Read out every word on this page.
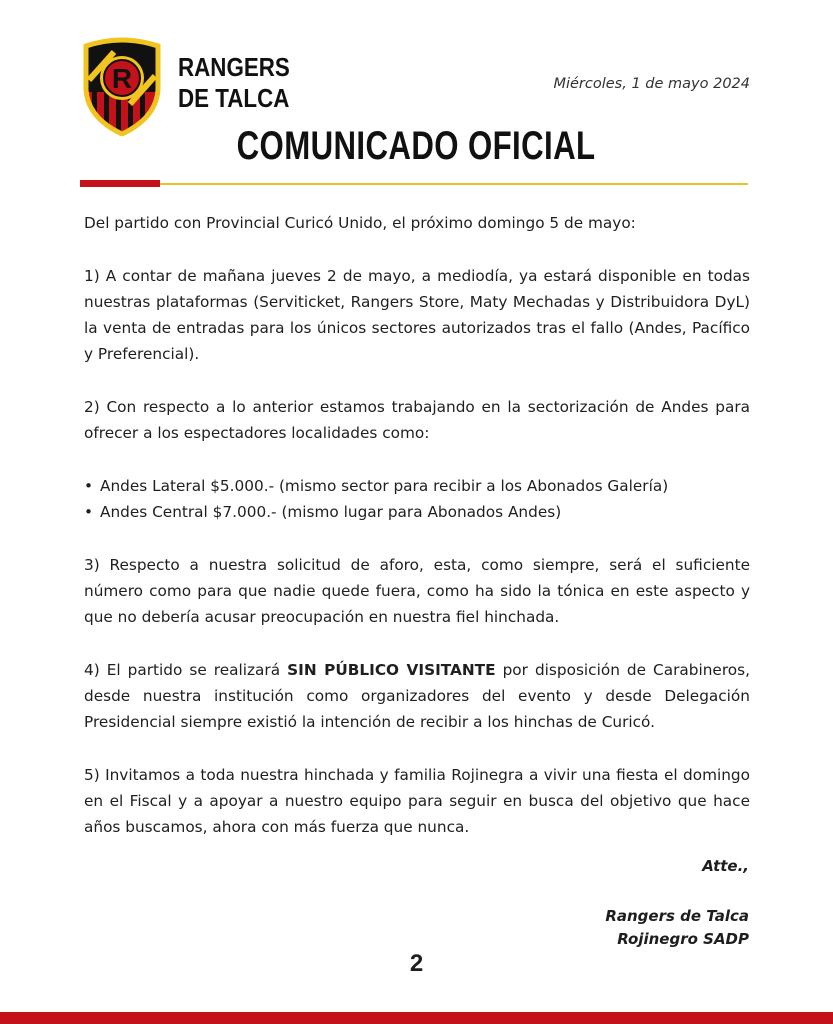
R RANGERS
DE TALCA	Miércoles, 1 de mayo 2024
COMUNICADO OFICIAL

Del partido con Provincial Curicó Unido, el próximo domingo 5 de mayo:

1) A contar de mañana jueves 2 de mayo, a mediodía, ya estará disponible en todas nuestras plataformas (Serviticket, Rangers Store, Maty Mechadas y Distribuidora DyL) la venta de entradas para los únicos sectores autorizados tras el fallo (Andes, Pacífico y Preferencial).

2) Con respecto a lo anterior estamos trabajando en la sectorización de Andes para ofrecer a los espectadores localidades como:

• Andes Lateral $5.000.- (mismo sector para recibir a los Abonados Galería)
• Andes Central $7.000.- (mismo lugar para Abonados Andes)

3) Respecto a nuestra solicitud de aforo, esta, como siempre, será el suficiente número como para que nadie quede fuera, como ha sido la tónica en este aspecto y que no debería acusar preocupación en nuestra fiel hinchada.

4) El partido se realizará SIN PÚBLICO VISITANTE por disposición de Carabineros, desde nuestra institución como organizadores del evento y desde Delegación Presidencial siempre existió la intención de recibir a los hinchas de Curicó.

5) Invitamos a toda nuestra hinchada y familia Rojinegra a vivir una fiesta el domingo en el Fiscal y a apoyar a nuestro equipo para seguir en busca del objetivo que hace años buscamos, ahora con más fuerza que nunca.

Atte.,
Rangers de Talca
Rojinegro SADP
2
